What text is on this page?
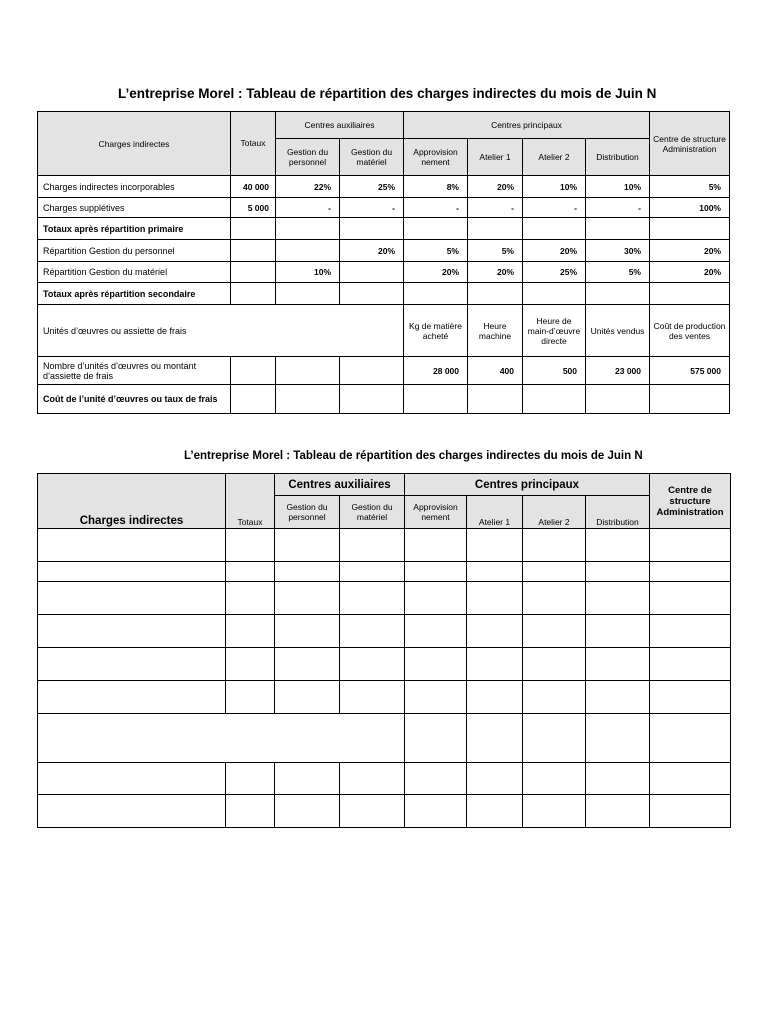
L’entreprise Morel : Tableau de répartition des charges indirectes du mois de Juin N
Charges indirectes	Totaux	Centres auxiliaires		Centres principaux				Centre de structure Administration
		Gestion du personnel	Gestion du matériel	Approvision nement	Atelier 1	Atelier 2	Distribution	
Charges indirectes incorporables	40 000	22%	25%	8%	20%	10%	10%	5%
Charges supplétives	5 000	-	-	-	-	-	-	100%
Totaux après répartition primaire								
Répartition Gestion du personnel			20%	5%	5%	20%	30%	20%
Répartition Gestion du matériel		10%		20%	20%	25%	5%	20%
Totaux après répartition secondaire								
Unités d’œuvres ou assiette de frais				Kg de matière acheté	Heure machine	Heure de main-d’œuvre directe	Unités vendus	Coût de production des ventes
Nombre d’unités d’œuvres ou montant d’assiette de frais				28 000	400	500	23 000	575 000
Coût de l’unité d’œuvres ou taux de frais								
L’entreprise Morel : Tableau de répartition des charges indirectes du mois de Juin N
Charges indirectes	Totaux	Centres auxiliaires		Centres principaux				Centre de structure Administration
		Gestion du personnel	Gestion du matériel	Approvision nement	Atelier 1	Atelier 2	Distribution	
